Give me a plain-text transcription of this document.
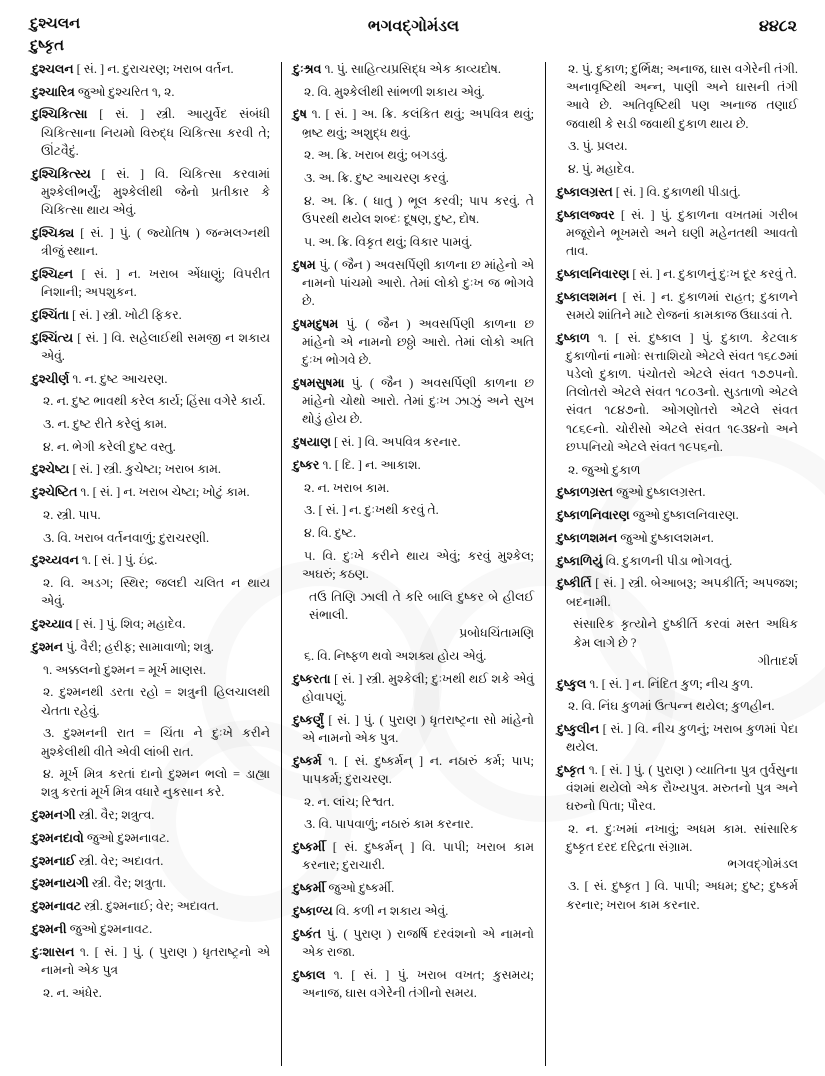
દુશ્ચલન
દુષ્કૃત
ભગવદ્ગોમંડલ	૪૪૮૨

દુશ્ચલન [ સં. ] ન. દુરાચરણ; ખરાબ વર્તન.

દુશ્ચારિત્ર જુઓ દુશ્ચરિત ૧, ૨.

દુશ્ચિકિત્સા [ સં. ] સ્ત્રી. આયુર્વેદ સંબંધી ચિકિત્સાના નિયમો વિરુદ્ધ ચિકિત્સા કરવી તે; ઊંટવૈદું.

દુશ્ચિકિત્સ્ય [ સં. ] વિ. ચિકિત્સા કરવામાં મુશ્કેલીભર્યું; મુશ્કેલીથી જેનો પ્રતીકાર કે ચિકિત્સા થાય એવું.

દુશ્ચિક્ય [ સં. ] પું. ( જ્યોતિષ ) જન્મલગ્નથી ત્રીજું સ્થાન.

દુશ્ચિહ્ન [ સં. ] ન. ખરાબ એંધાણું; વિપરીત નિશાની; અપશુકન.

દુશ્ચિંતા [ સં. ] સ્ત્રી. ખોટી ફિકર.

દુશ્ચિંત્ય [ સં. ] વિ. સહેલાઈથી સમજી ન શકાય એવું.

દુશ્ચીર્ણ ૧. ન. દુષ્ટ આચરણ.

૨. ન. દુષ્ટ ભાવથી કરેલ કાર્ય; હિંસા વગેરે કાર્ય.

૩. ન. દુષ્ટ રીતે કરેલું કામ.

૪. ન. ભેગી કરેલી દુષ્ટ વસ્તુ.

દુશ્ચેષ્ટા [ સં. ] સ્ત્રી. કુચેષ્ટા; ખરાબ કામ.

દુશ્ચેષ્ટિત ૧. [ સં. ] ન. ખરાબ ચેષ્ટા; ખોટું કામ.

૨. સ્ત્રી. પાપ.

૩. વિ. ખરાબ વર્તનવાળું; દુરાચરણી.

દુશ્ચ્યવન ૧. [ સં. ] પું. ઇંદ્ર.

૨. વિ. અડગ; સ્થિર; જલદી ચલિત ન થાય એવું.

દુશ્ચ્યાવ [ સં. ] પું. શિવ; મહાદેવ.

દુશ્મન પું. વૈરી; હરીફ; સામાવાળો; શત્રુ.

૧. અક્કલનો દુશ્મન = મૂર્ખ માણસ.

૨. દુશ્મનથી ડરતા રહો = શત્રુની હિલચાલથી ચેતતા રહેવું.

૩. દુશ્મનની રાત = ચિંતા ને દુઃખે કરીને મુશ્કેલીથી વીતે એવી લાંબી રાત.

૪. મૂર્ખ મિત્ર કરતાં દાનો દુશ્મન ભલો = ડાહ્યા શત્રુ કરતાં મૂર્ખ મિત્ર વધારે નુકસાન કરે.

દુશ્મનગી સ્ત્રી. વૈર; શત્રુત્વ.

દુશ્મનદાવો જુઓ દુશ્મનાવટ.

દુશ્મનાઈ સ્ત્રી. વેર; અદાવત.

દુશ્મનાયગી સ્ત્રી. વૈર; શત્રુતા.

દુશ્મનાવટ સ્ત્રી. દુશ્મનાઈ; વેર; અદાવત.

દુશ્મની જુઓ દુશ્મનાવટ.

દુઃશાસન ૧. [ સં. ] પું. ( પુરાણ ) ધૃતરાષ્ટ્રનો એ નામનો એક પુત્ર

૨. ન. અંધેર.

દુઃશ્રવ ૧. પું. સાહિત્યપ્રસિદ્ધ એક કાવ્યદોષ.

૨. વિ. મુશ્કેલીથી સાંભળી શકાય એવું.

દુષ ૧. [ સં. ] અ. ક્રિ. કલંકિત થવું; અપવિત્ર થવું; ભ્રષ્ટ થવું; અશુદ્ધ થવું.

૨. અ. ક્રિ. ખરાબ થવું; બગડવું.

૩. અ. ક્રિ. દુષ્ટ આચરણ કરવું.

૪. અ. ક્રિ. ( ધાતુ ) ભૂલ કરવી; પાપ કરવું. તે ઉપરથી થયેલ શબ્દઃ દૂષણ, દુષ્ટ, દોષ.

૫. અ. ક્રિ. વિકૃત થવું; વિકાર પામવું.

દુષમ પું. ( જૈન ) અવસર્પિણી કાળના છ માંહેનો એ નામનો પાંચમો આરો. તેમાં લોકો દુઃખ જ ભોગવે છે.

દુષમદુષમ પું. ( જૈન ) અવસર્પિણી કાળના છ માંહેનો એ નામનો છઠ્ઠો આરો. તેમાં લોકો અતિ દુઃખ ભોગવે છે.

દુષમસુષમા પું. ( જૈન ) અવસર્પિણી કાળના છ માંહેનો ચોથો આરો. તેમાં દુઃખ ઝાઝું અને સુખ થોડું હોય છે.

દુષયાણ [ સં. ] વિ. અપવિત્ર કરનાર.

દુષ્કર ૧. [ દિ. ] ન. આકાશ.

૨. ન. ખરાબ કામ.

૩. [ સં. ] ન. દુઃખથી કરવું તે.

૪. વિ. દુષ્ટ.

૫. વિ. દુઃખે કરીને થાય એવું; કરવું મુશ્કેલ; અઘરું; કઠણ.

તઉ તિણિ ઝાલી તે કરિ બાલિ દુષ્કર બે હીલઈ સંભાલી.
પ્રબોધચિંતામણિ

૬. વિ. નિષ્ફળ થવો અશક્ય હોય એવું.

દુષ્કરતા [ સં. ] સ્ત્રી. મુશ્કેલી; દુઃખથી થઈ શકે એવું હોવાપણું.

દુષ્કર્ણું [ સં. ] પું. ( પુરાણ ) ધૃતરાષ્ટ્રના સો માંહેનો એ નામનો એક પુત્ર.

દુષ્કર્મ ૧. [ સં. દુષ્કર્મન્ ] ન. નઠારું કર્મ; પાપ; પાપકર્મ; દુરાચરણ.

૨. ન. લાંચ; રિશ્વત.

૩. વિ. પાપવાળું; નઠારું કામ કરનાર.

દુષ્કર્મી [ સં. દુષ્કર્મન્ ] વિ. પાપી; ખરાબ કામ કરનાર; દુરાચારી.

દુષ્કર્મી જુઓ દુષ્કર્મી.

દુષ્કાળ્ય વિ. કળી ન શકાય એવું.

દુષ્કંત પું. ( પુરાણ ) રાજર્ષિ દરવંશનો એ નામનો એક રાજા.

દુષ્કાલ ૧. [ સં. ] પું. ખરાબ વખત; કુસમય; અનાજ, ઘાસ વગેરેની તંગીનો સમય.

૨. પું. દુકાળ; દુર્ભિક્ષ; અનાજ, ઘાસ વગેરેની તંગી. અનાવૃષ્ટિથી અન્ન, પાણી અને ઘાસની તંગી આવે છે. અતિવૃષ્ટિથી પણ અનાજ તણાઈ જવાથી કે સડી જવાથી દુકાળ થાય છે.

૩. પું. પ્રલય.

૪. પું. મહાદેવ.

દુષ્કાલગ્રસ્ત [ સં. ] વિ. દુકાળથી પીડાતું.

દુષ્કાલજ્વર [ સં. ] પું. દુકાળના વખતમાં ગરીબ મજૂરોને ભૂખમરો અને ઘણી મહેનતથી આવતો તાવ.

દુષ્કાલનિવારણ [ સં. ] ન. દુકાળનું દુઃખ દૂર કરવું તે.

દુષ્કાલશમન [ સં. ] ન. દુકાળમાં રાહત; દુકાળને સમયે શાંતિને માટે રોજનાં કામકાજ ઉઘાડવાં તે.

દુષ્કાળ ૧. [ સં. દુષ્કાલ ] પું. દુકાળ. કેટલાક દુકાળોનાં નામોઃ સત્તાશિયો એટલે સંવત ૧૬૮૭માં પડેલો દુકાળ. પંચોતરો એટલે સંવત ૧૭૭૫નો. તિલોતરો એટલે સંવત ૧૮૦૩નો. સુડતાળો એટલે સંવત ૧૮૪૭નો. ઓગણોતરો એટલે સંવત ૧૮૬૯નો. ચોરીસો એટલે સંવત ૧૯૩૪નો અને છપ્પનિયો એટલે સંવત ૧૯૫૬નો.

૨. જુઓ દુકાળ

દુષ્કાળગ્રસ્ત જુઓ દુષ્કાલગ્રસ્ત.

દુષ્કાળનિવારણ જુઓ દુષ્કાલનિવારણ.

દુષ્કાળશમન જુઓ દુષ્કાલશમન.

દુષ્કાળિયું વિ. દુકાળની પીડા ભોગવતું.

દુષ્કીર્તિ [ સં. ] સ્ત્રી. બેઆબરૂ; અપકીર્તિ; અપજશ; બદનામી.

સંસારિક કૃત્યોને દુષ્કીર્તિ કરવાં મસ્ત અધિક કેમ લાગે છે ?
ગીતાદર્શ

દુષ્કુલ ૧. [ સં. ] ન. નિંદિત કુળ; નીચ કુળ.

૨. વિ. નિંઘ કુળમાં ઉત્પન્ન થયેલ; કુળહીન.

દુષ્કુલીન [ સં. ] વિ. નીચ કુળનું; ખરાબ કુળમાં પેદા થયેલ.

દુષ્કૃત ૧. [ સં. ] પું. ( પુરાણ ) વ્યાતિના પુત્ર તુર્વસુના વંશમાં થયેલો એક રૌખ્યપુત્ર. મરુતનો પુત્ર અને ઘરુનો પિતા; પૌરવ.

૨. ન. દુઃખમાં નખાવું; અધમ કામ. સાંસારિક દુષ્કૃત દરદ દરિદ્રતા સંગ્રામ.
ભગવદ્ગોમંડલ

૩. [ સં. દુષ્કૃત ] વિ. પાપી; અધમ; દુષ્ટ; દુષ્કર્મ કરનાર; ખરાબ કામ કરનાર.
